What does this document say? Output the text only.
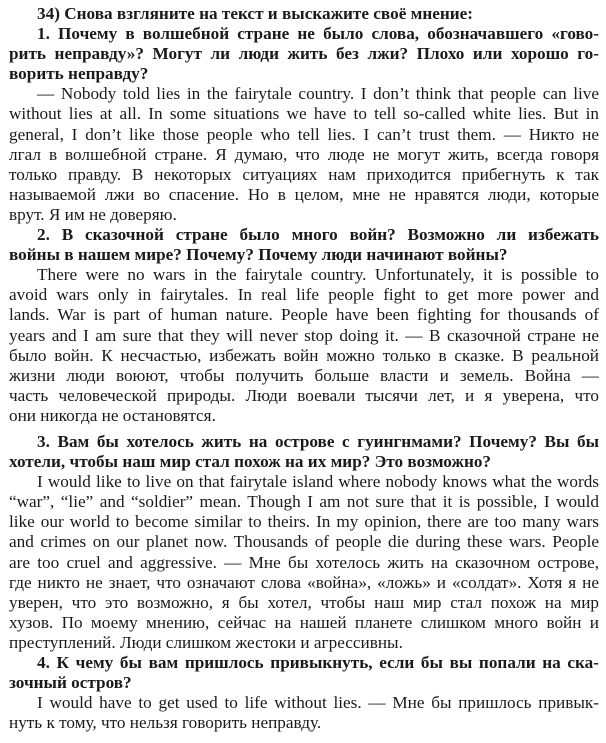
34) Снова взгляните на текст и выскажите своё мнение:
1. Почему в волшебной стране не было слова, обозначавшего «гово-
рить неправду»? Могут ли люди жить без лжи? Плохо или хорошо го-
ворить неправду?
— Nobody told lies in the fairytale country. I don’t think that people can live
without lies at all. In some situations we have to tell so-called white lies. But in
general, I don’t like those people who tell lies. I can’t trust them. — Никто не
лгал в волшебной стране. Я думаю, что люде не могут жить, всегда говоря
только правду. В некоторых ситуациях нам приходится прибегнуть к так
называемой лжи во спасение. Но в целом, мне не нравятся люди, которые
врут. Я им не доверяю.
2. В сказочной стране было много войн? Возможно ли избежать
войны в нашем мире? Почему? Почему люди начинают войны?
There were no wars in the fairytale country. Unfortunately, it is possible to
avoid wars only in fairytales. In real life people fight to get more power and
lands. War is part of human nature. People have been fighting for thousands of
years and I am sure that they will never stop doing it. — В сказочной стране не
было войн. К несчастью, избежать войн можно только в сказке. В реальной
жизни люди воюют, чтобы получить больше власти и земель. Война —
часть человеческой природы. Люди воевали тысячи лет, и я уверена, что
они никогда не остановятся.
3. Вам бы хотелось жить на острове с гуингнмами? Почему? Вы бы
хотели, чтобы наш мир стал похож на их мир? Это возможно?
I would like to live on that fairytale island where nobody knows what the words
“war”, “lie” and “soldier” mean. Though I am not sure that it is possible, I would
like our world to become similar to theirs. In my opinion, there are too many wars
and crimes on our planet now. Thousands of people die during these wars. People
are too cruel and aggressive. — Мне бы хотелось жить на сказочном острове,
где никто не знает, что означают слова «война», «ложь» и «солдат». Хотя я не
уверен, что это возможно, я бы хотел, чтобы наш мир стал похож на мир
хузов. По моему мнению, сейчас на нашей планете слишком много войн и
преступлений. Люди слишком жестоки и агрессивны.
4. К чему бы вам пришлось привыкнуть, если бы вы попали на ска-
зочный остров?
I would have to get used to life without lies. — Мне бы пришлось привык-
нуть к тому, что нельзя говорить неправду.
